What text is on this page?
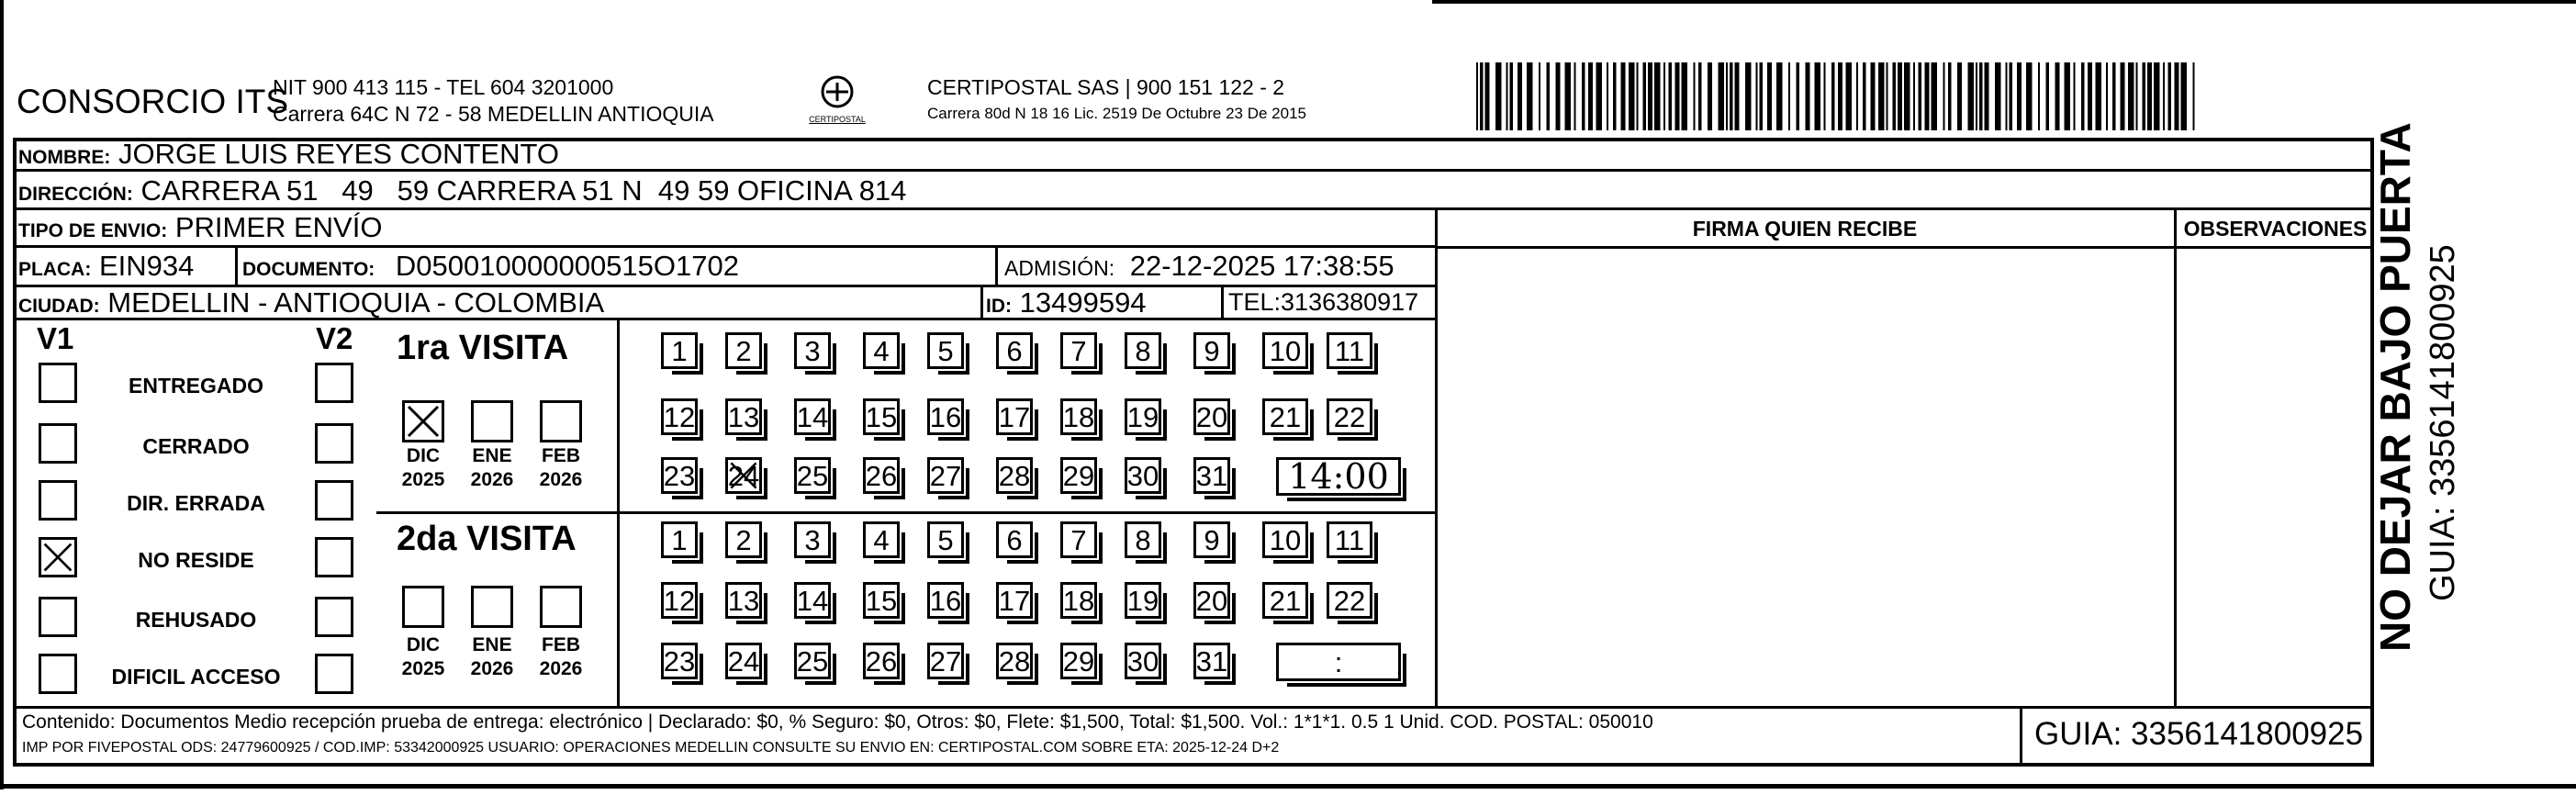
CONSORCIO ITS
NIT 900 413 115 - TEL 604 3201000
Carrera 64C N 72 - 58 MEDELLIN ANTIOQUIA	CERTIPOSTAL
CERTIPOSTAL SAS | 900 151 122 - 2
Carrera 80d N 18 16 Lic. 2519 De Octubre 23 De 2015
NOMBRE: JORGE LUIS REYES CONTENTO
DIRECCIÓN: CARRERA 51   49   59 CARRERA 51 N  49 59 OFICINA 814
TIPO DE ENVIO: PRIMER ENVÍO	FIRMA QUIEN RECIBE	OBSERVACIONES
PLACA: EIN934	DOCUMENTO: D050010000000515O1702	ADMISIÓN: 22-12-2025 17:38:55
CIUDAD: MEDELLIN - ANTIOQUIA - COLOMBIA	ID: 13499594	TEL:3136380917
V1	V2
ENTREGADO
CERRADO
DIR. ERRADA
NO RESIDE
REHUSADO
DIFICIL ACCESO
1ra VISITA
2da VISITA
DIC
2025
ENE
2026
FEB
2026
1 2 3 4 5 6 7 8 9 10 11
12 13 14 15 16 17 18 19 20 21 22
23 24 25 26 27 28 29 30 31 14:00
DIC
2025
ENE
2026
FEB
2026
1 2 3 4 5 6 7 8 9 10 11
12 13 14 15 16 17 18 19 20 21 22
23 24 25 26 27 28 29 30 31	:
Contenido: Documentos Medio recepción prueba de entrega: electrónico | Declarado: $0, % Seguro: $0, Otros: $0, Flete: $1,500, Total: $1,500. Vol.: 1*1*1. 0.5 1 Unid. COD. POSTAL: 050010
IMP POR FIVEPOSTAL ODS: 24779600925 / COD.IMP: 53342000925 USUARIO: OPERACIONES MEDELLIN CONSULTE SU ENVIO EN: CERTIPOSTAL.COM SOBRE ETA: 2025-12-24 D+2	GUIA: 3356141800925
NO DEJAR BAJO PUERTA GUIA: 3356141800925
